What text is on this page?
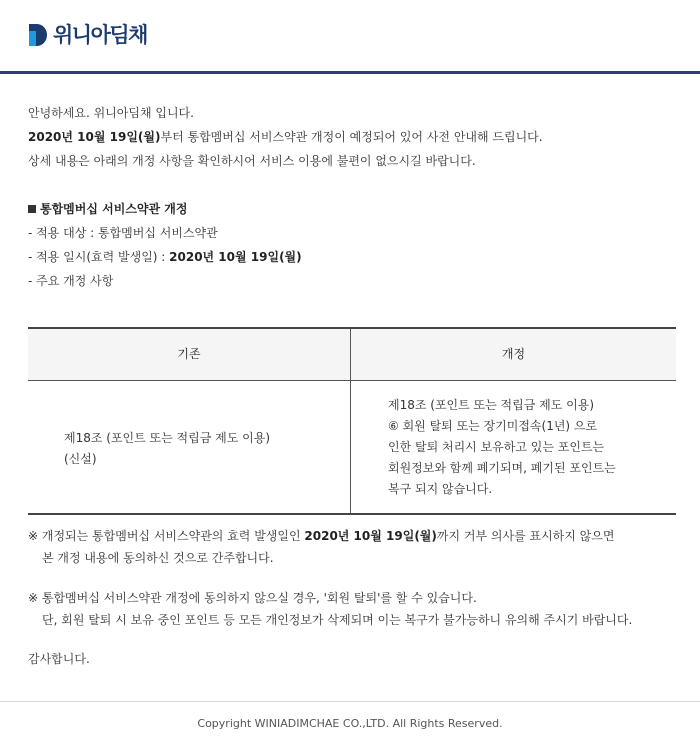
위니아딤채

안녕하세요. 위니아딤채 입니다.

2020년 10월 19일(월)부터 통합멤버십 서비스약관 개정이 예정되어 있어 사전 안내해 드립니다.

상세 내용은 아래의 개정 사항을 확인하시어 서비스 이용에 불편이 없으시길 바랍니다.

통합멤버십 서비스약관 개정

- 적용 대상 : 통합멤버십 서비스약관

- 적용 일시(효력 발생일) : 2020년 10월 19일(월)

- 주요 개정 사항

기존	개정

제18조 (포인트 또는 적립금 제도 이용)

(신설)

제18조 (포인트 또는 적립금 제도 이용)

⑥ 회원 탈퇴 또는 장기미접속(1년) 으로

인한 탈퇴 처리시 보유하고 있는 포인트는

회원정보와 함께 폐기되며, 폐기된 포인트는

복구 되지 않습니다.

※ 개정되는 통합멤버십 서비스약관의 효력 발생일인 2020년 10월 19일(월)까지 거부 의사를 표시하지 않으면

본 개정 내용에 동의하신 것으로 간주합니다.

※ 통합멤버십 서비스약관 개정에 동의하지 않으실 경우, '회원 탈퇴'를 할 수 있습니다.

단, 회원 탈퇴 시 보유 중인 포인트 등 모든 개인정보가 삭제되며 이는 복구가 불가능하니 유의해 주시기 바랍니다.

감사합니다.
Copyright WINIADIMCHAE CO.,LTD. All Rights Reserved.
